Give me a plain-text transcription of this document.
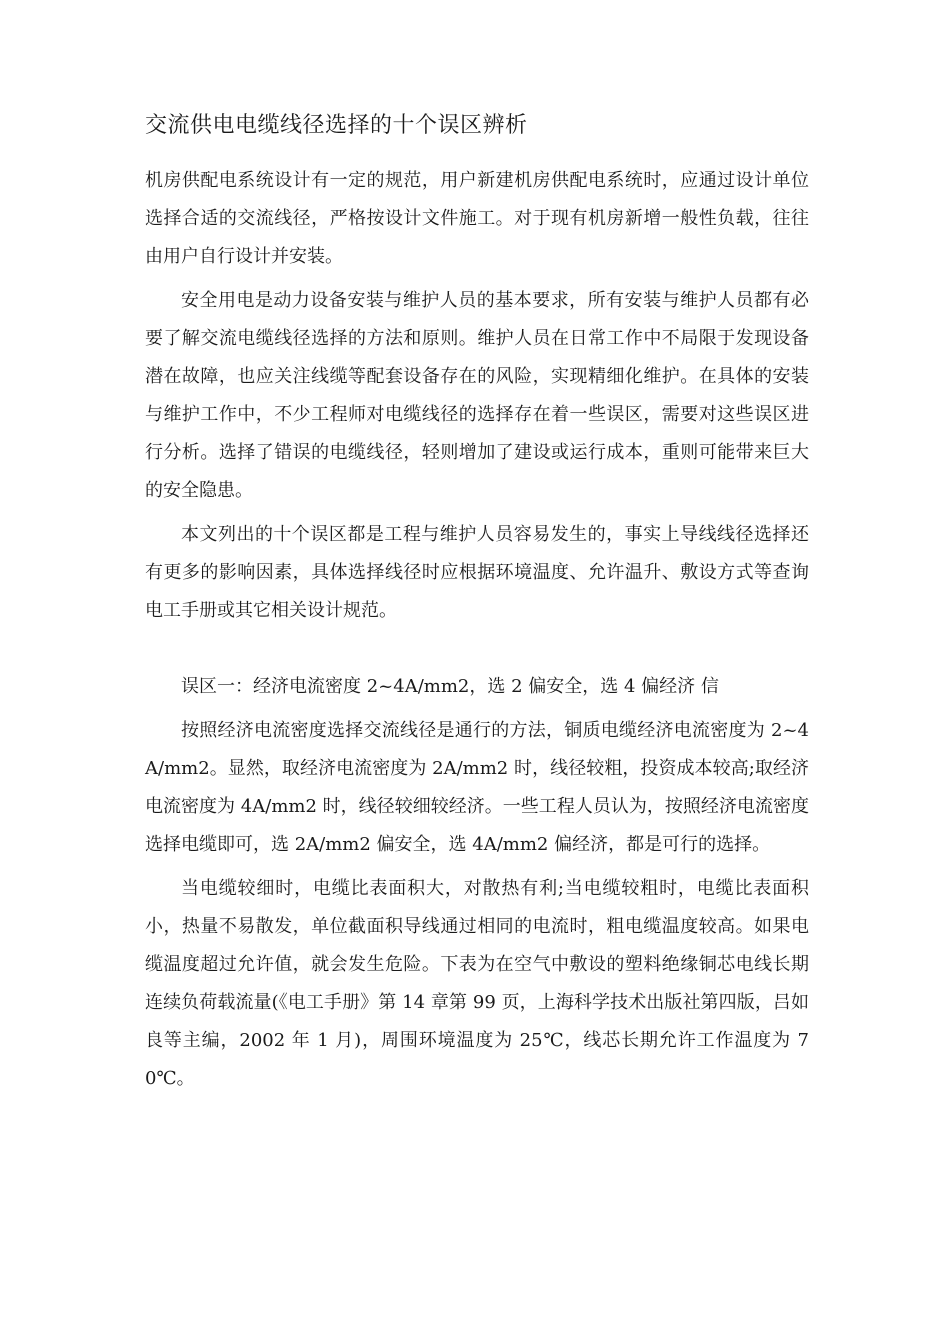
交流供电电缆线径选择的十个误区辨析

机房供配电系统设计有一定的规范，用户新建机房供配电系统时，应通过设计单位选择合适的交流线径，严格按设计文件施工。对于现有机房新增一般性负载，往往由用户自行设计并安装。

安全用电是动力设备安装与维护人员的基本要求，所有安装与维护人员都有必要了解交流电缆线径选择的方法和原则。维护人员在日常工作中不局限于发现设备潜在故障，也应关注线缆等配套设备存在的风险，实现精细化维护。在具体的安装与维护工作中，不少工程师对电缆线径的选择存在着一些误区，需要对这些误区进行分析。选择了错误的电缆线径，轻则增加了建设或运行成本，重则可能带来巨大的安全隐患。

本文列出的十个误区都是工程与维护人员容易发生的，事实上导线线径选择还有更多的影响因素，具体选择线径时应根据环境温度、允许温升、敷设方式等查询电工手册或其它相关设计规范。

误区一：经济电流密度 2~4A/mm2，选 2 偏安全，选 4 偏经济 信

按照经济电流密度选择交流线径是通行的方法，铜质电缆经济电流密度为 2~4A/mm2。显然，取经济电流密度为 2A/mm2 时，线径较粗，投资成本较高;取经济电流密度为 4A/mm2 时，线径较细较经济。一些工程人员认为，按照经济电流密度选择电缆即可，选 2A/mm2 偏安全，选 4A/mm2 偏经济，都是可行的选择。

当电缆较细时，电缆比表面积大，对散热有利;当电缆较粗时，电缆比表面积小，热量不易散发，单位截面积导线通过相同的电流时，粗电缆温度较高。如果电缆温度超过允许值，就会发生危险。下表为在空气中敷设的塑料绝缘铜芯电线长期连续负荷载流量(《电工手册》第 14 章第 99 页，上海科学技术出版社第四版，吕如良等主编，2002 年 1 月)，周围环境温度为 25℃，线芯长期允许工作温度为 70℃。
